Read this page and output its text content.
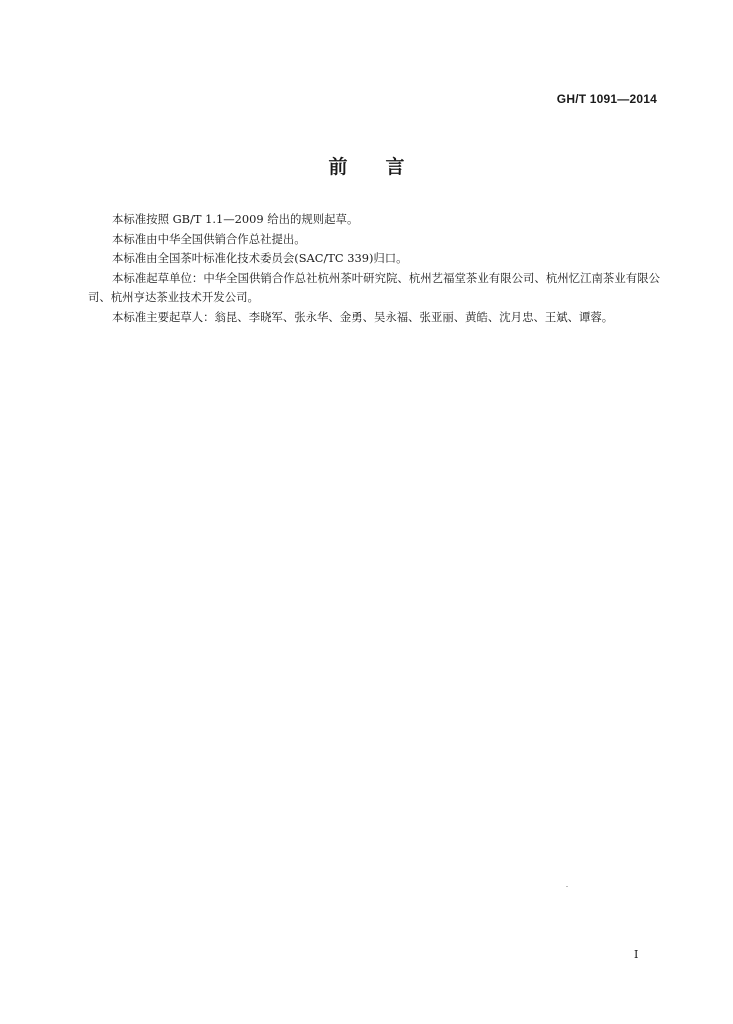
GH/T 1091—2014
前言

本标准按照 GB/T 1.1—2009 给出的规则起草。

本标准由中华全国供销合作总社提出。

本标准由全国茶叶标准化技术委员会(SAC/TC 339)归口。

本标准起草单位：中华全国供销合作总社杭州茶叶研究院、杭州艺福堂茶业有限公司、杭州忆江南茶业有限公司、杭州亨达茶业技术开发公司。

本标准主要起草人：翁昆、李晓军、张永华、金勇、吴永福、张亚丽、黄皓、沈月忠、王斌、谭蓉。

I
